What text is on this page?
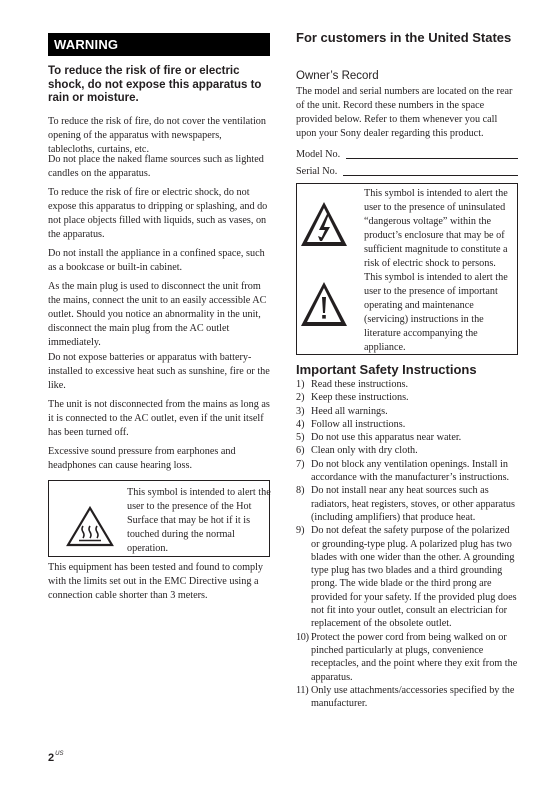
WARNING
To reduce the risk of fire or electric shock, do not expose this apparatus to rain or moisture.

To reduce the risk of fire, do not cover the ventilation opening of the apparatus with newspapers, tablecloths, curtains, etc.

Do not place the naked flame sources such as lighted candles on the apparatus.

To reduce the risk of fire or electric shock, do not expose this apparatus to dripping or splashing, and do not place objects filled with liquids, such as vases, on the apparatus.

Do not install the appliance in a confined space, such as a bookcase or built-in cabinet.

As the main plug is used to disconnect the unit from the mains, connect the unit to an easily accessible AC outlet. Should you notice an abnormality in the unit, disconnect the main plug from the AC outlet immediately.

Do not expose batteries or apparatus with battery-installed to excessive heat such as sunshine, fire or the like.

The unit is not disconnected from the mains as long as it is connected to the AC outlet, even if the unit itself has been turned off.

Excessive sound pressure from earphones and headphones can cause hearing loss.

This symbol is intended to alert the user to the presence of the Hot Surface that may be hot if it is touched during the normal operation.

This equipment has been tested and found to comply with the limits set out in the EMC Directive using a connection cable shorter than 3 meters.

For customers in the United States
Owner’s Record

The model and serial numbers are located on the rear of the unit. Record these numbers in the space provided below. Refer to them whenever you call upon your Sony dealer regarding this product.

Model No.
Serial No.
This symbol is intended to alert the user to the presence of uninsulated “dangerous voltage” within the product’s enclosure that may be of sufficient magnitude to constitute a risk of electric shock to persons.
This symbol is intended to alert the user to the presence of important operating and maintenance (servicing) instructions in the literature accompanying the appliance.
Important Safety Instructions
1) Read these instructions.
2) Keep these instructions.
3) Heed all warnings.
4) Follow all instructions.
5) Do not use this apparatus near water.
6) Clean only with dry cloth.
7) Do not block any ventilation openings. Install in accordance with the manufacturer’s instructions.
8) Do not install near any heat sources such as radiators, heat registers, stoves, or other apparatus (including amplifiers) that produce heat.
9) Do not defeat the safety purpose of the polarized or grounding-type plug. A polarized plug has two blades with one wider than the other. A grounding type plug has two blades and a third grounding prong. The wide blade or the third prong are provided for your safety. If the provided plug does not fit into your outlet, consult an electrician for replacement of the obsolete outlet.
10) Protect the power cord from being walked on or pinched particularly at plugs, convenience receptacles, and the point where they exit from the apparatus.
11) Only use attachments/accessories specified by the manufacturer.
$2^{US}$
